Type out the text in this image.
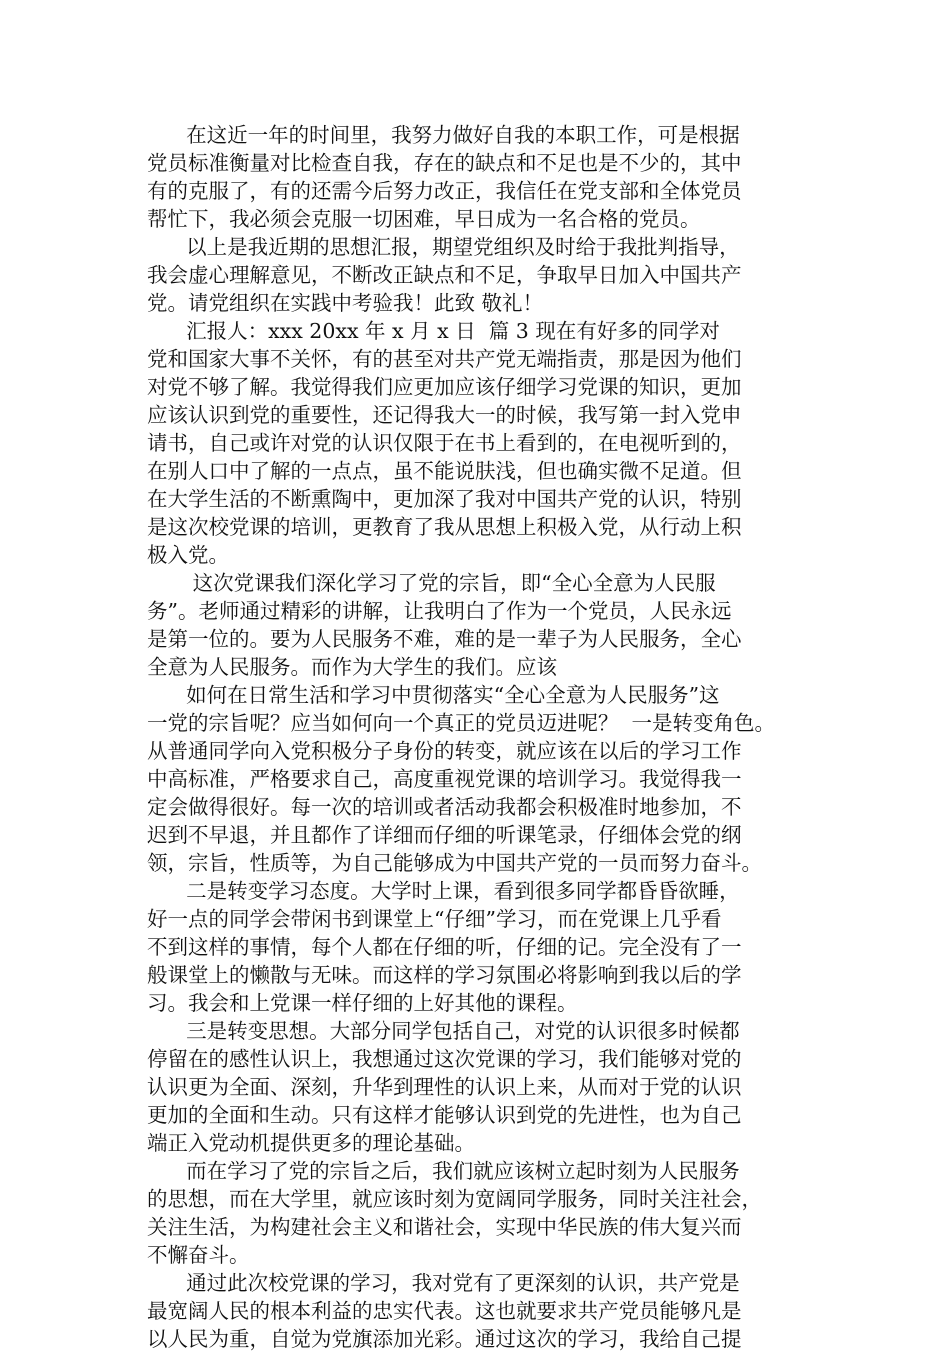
在这近一年的时间里，我努力做好自我的本职工作，可是根据
党员标准衡量对比检查自我，存在的缺点和不足也是不少的，其中
有的克服了，有的还需今后努力改正，我信任在党支部和全体党员
帮忙下，我必须会克服一切困难，早日成为一名合格的党员。
以上是我近期的思想汇报，期望党组织及时给于我批判指导，
我会虚心理解意见，不断改正缺点和不足，争取早日加入中国共产
党。请党组织在实践中考验我！此致 敬礼！
汇报人：xxx 20xx 年 x 月 x 日  篇 3 现在有好多的同学对
党和国家大事不关怀，有的甚至对共产党无端指责，那是因为他们
对党不够了解。我觉得我们应更加应该仔细学习党课的知识，更加
应该认识到党的重要性，还记得我大一的时候，我写第一封入党申
请书，自己或许对党的认识仅限于在书上看到的，在电视听到的，
在别人口中了解的一点点，虽不能说肤浅，但也确实微不足道。但
在大学生活的不断熏陶中，更加深了我对中国共产党的认识，特别
是这次校党课的培训，更教育了我从思想上积极入党，从行动上积
极入党。
这次党课我们深化学习了党的宗旨，即“全心全意为人民服
务”。老师通过精彩的讲解，让我明白了作为一个党员，人民永远
是第一位的。要为人民服务不难，难的是一辈子为人民服务，全心
全意为人民服务。而作为大学生的我们。应该
如何在日常生活和学习中贯彻落实“全心全意为人民服务”这
一党的宗旨呢？应当如何向一个真正的党员迈进呢？  一是转变角色。
从普通同学向入党积极分子身份的转变，就应该在以后的学习工作
中高标准，严格要求自己，高度重视党课的培训学习。我觉得我一
定会做得很好。每一次的培训或者活动我都会积极准时地参加，不
迟到不早退，并且都作了详细而仔细的听课笔录，仔细体会党的纲
领，宗旨，性质等，为自己能够成为中国共产党的一员而努力奋斗。
二是转变学习态度。大学时上课，看到很多同学都昏昏欲睡，
好一点的同学会带闲书到课堂上“仔细”学习，而在党课上几乎看
不到这样的事情，每个人都在仔细的听，仔细的记。完全没有了一
般课堂上的懒散与无味。而这样的学习氛围必将影响到我以后的学
习。我会和上党课一样仔细的上好其他的课程。
三是转变思想。大部分同学包括自己，对党的认识很多时候都
停留在的感性认识上，我想通过这次党课的学习，我们能够对党的
认识更为全面、深刻，升华到理性的认识上来，从而对于党的认识
更加的全面和生动。只有这样才能够认识到党的先进性，也为自己
端正入党动机提供更多的理论基础。
而在学习了党的宗旨之后，我们就应该树立起时刻为人民服务
的思想，而在大学里，就应该时刻为宽阔同学服务，同时关注社会，
关注生活，为构建社会主义和谐社会，实现中华民族的伟大复兴而
不懈奋斗。
通过此次校党课的学习，我对党有了更深刻的认识，共产党是
最宽阔人民的根本利益的忠实代表。这也就要求共产党员能够凡是
以人民为重，自觉为党旗添加光彩。通过这次的学习，我给自己提
